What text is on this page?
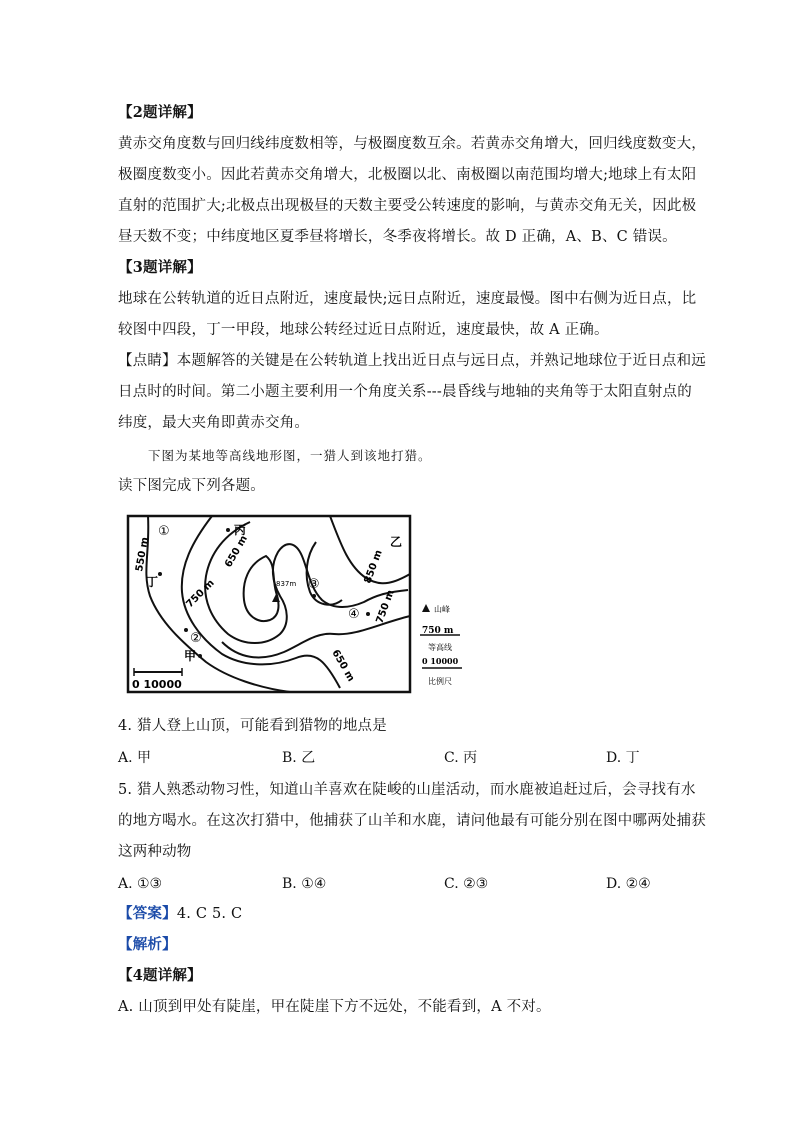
【2题详解】
黄赤交角度数与回归线纬度数相等，与极圈度数互余。若黄赤交角增大，回归线度数变大，
极圈度数变小。因此若黄赤交角增大，北极圈以北、南极圈以南范围均增大;地球上有太阳
直射的范围扩大;北极点出现极昼的天数主要受公转速度的影响，与黄赤交角无关，因此极
昼天数不变；中纬度地区夏季昼将增长，冬季夜将增长。故 D 正确，A、B、C 错误。
【3题详解】
地球在公转轨道的近日点附近，速度最快;远日点附近，速度最慢。图中右侧为近日点，比
较图中四段，丁一甲段，地球公转经过近日点附近，速度最快，故 A 正确。
【点睛】本题解答的关键是在公转轨道上找出近日点与远日点，并熟记地球位于近日点和远
日点时的时间。第二小题主要利用一个角度关系---晨昏线与地轴的夹角等于太阳直射点的
纬度，最大夹角即黄赤交角。
下图为某地等高线地形图，一猎人到该地打猎。
读下图完成下列各题。
550 m	650 m
750 m
850 m
750 m
650 m
837m
①
②
③
④
甲
乙
丙
丁
0 10000
山峰
750 m
等高线
0 10000
比例尺
4. 猎人登上山顶，可能看到猎物的地点是
A. 甲	B. 乙	C. 丙	D. 丁
5. 猎人熟悉动物习性，知道山羊喜欢在陡峻的山崖活动，而水鹿被追赶过后，会寻找有水
的地方喝水。在这次打猎中，他捕获了山羊和水鹿，请问他最有可能分别在图中哪两处捕获
这两种动物
A. ①③	B. ①④	C. ②③	D. ②④
【答案】4. C 5. C
【解析】
【4题详解】
A. 山顶到甲处有陡崖，甲在陡崖下方不远处，不能看到，A 不对。
